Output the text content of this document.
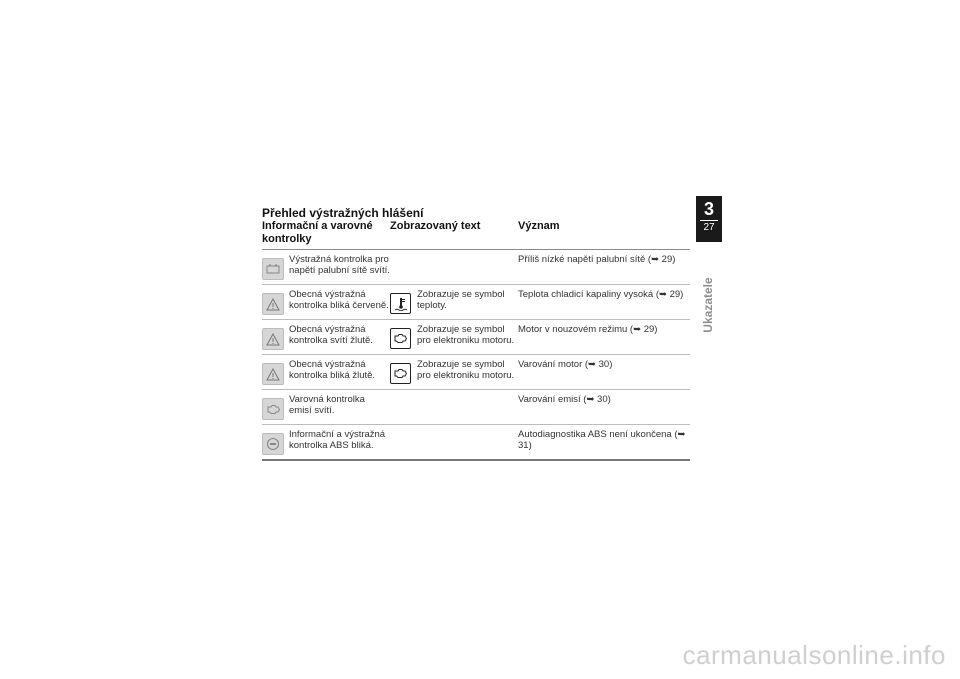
Přehled výstražných hlášení
Informační a varovné kontrolky
Zobrazovaný text	Význam
Výstražná kontrolka pro napětí palubní sítě svítí.
Příliš nízké napětí palubní sítě (➥ 29)
Obecná výstražná kontrolka bliká červeně.
Zobrazuje se symbol teploty.
Teplota chladicí kapaliny vysoká (➥ 29)
Obecná výstražná kontrolka svítí žlutě.
Zobrazuje se symbol pro elektroniku motoru.
Motor v nouzovém režimu (➥ 29)
Obecná výstražná kontrolka bliká žlutě.
Zobrazuje se symbol pro elektroniku motoru.
Varování motor (➥ 30)
Varovná kontrolka emisí svítí.
Varování emisí (➥ 30)
Informační a výstražná kontrolka ABS bliká.
Autodiagnostika ABS není ukončena (➥ 31)
3
27
Ukazatele
carmanualsonline.info
